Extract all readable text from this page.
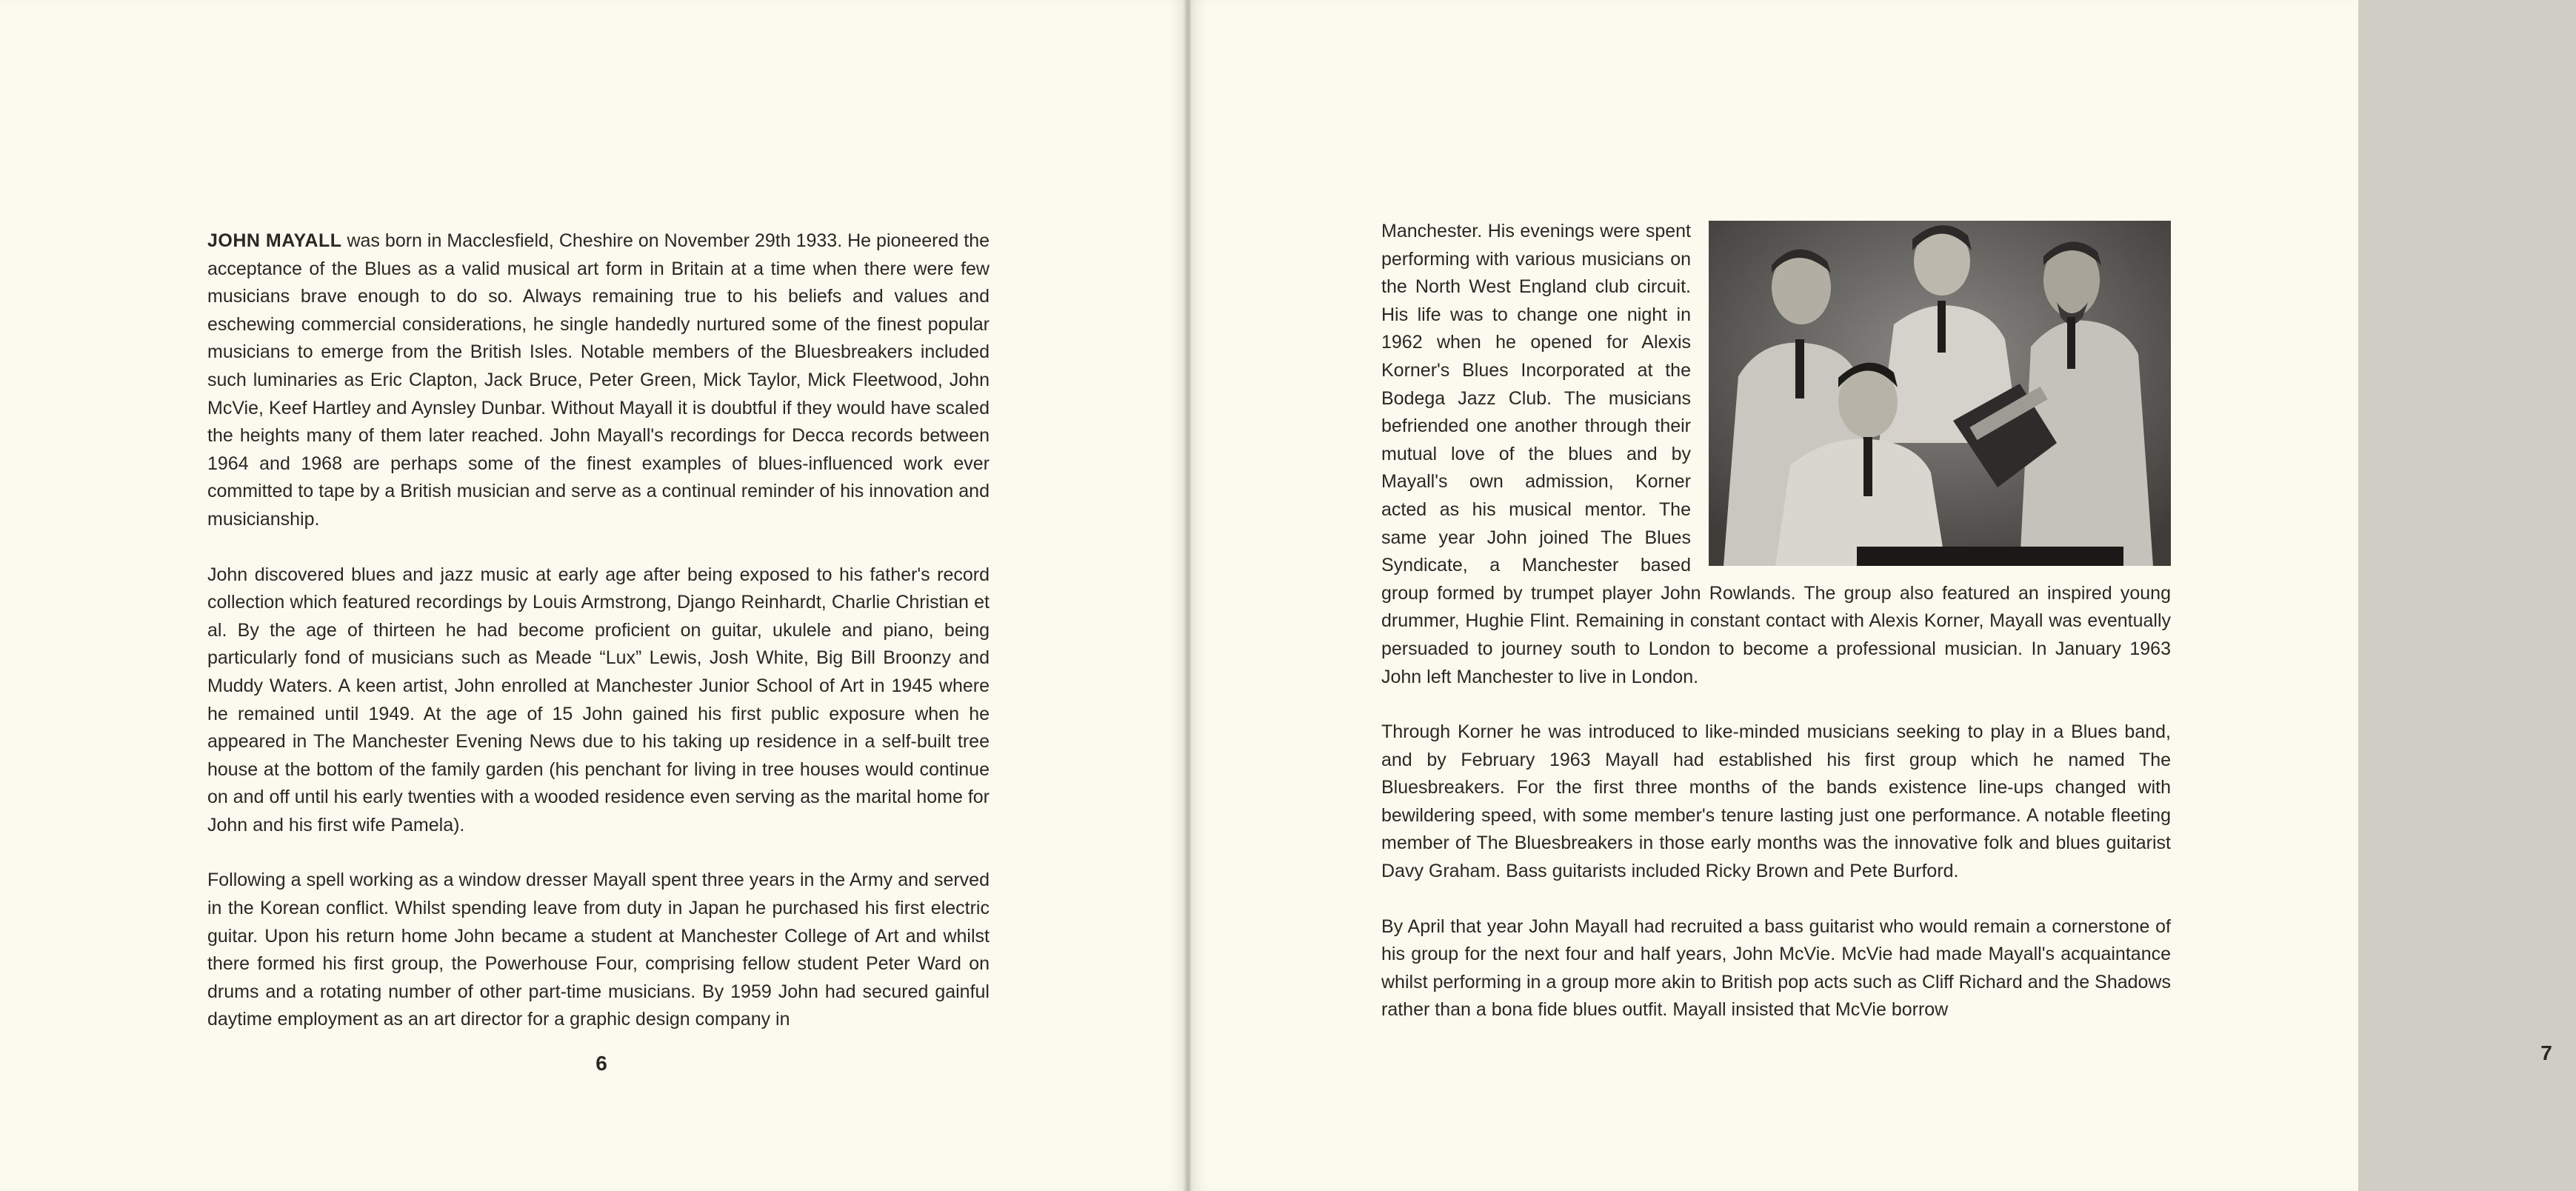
JOHN MAYALL was born in Macclesfield, Cheshire on November 29th 1933. He pioneered the acceptance of the Blues as a valid musical art form in Britain at a time when there were few musicians brave enough to do so. Always remaining true to his beliefs and values and eschewing commercial considerations, he single handedly nurtured some of the finest popular musicians to emerge from the British Isles. Notable members of the Bluesbreakers included such luminaries as Eric Clapton, Jack Bruce, Peter Green, Mick Taylor, Mick Fleetwood, John McVie, Keef Hartley and Aynsley Dunbar. Without Mayall it is doubtful if they would have scaled the heights many of them later reached. John Mayall's recordings for Decca records between 1964 and 1968 are perhaps some of the finest examples of blues-influenced work ever committed to tape by a British musician and serve as a continual reminder of his innovation and musicianship.

John discovered blues and jazz music at early age after being exposed to his father's record collection which featured recordings by Louis Armstrong, Django Reinhardt, Charlie Christian et al. By the age of thirteen he had become proficient on guitar, ukulele and piano, being particularly fond of musicians such as Meade “Lux” Lewis, Josh White, Big Bill Broonzy and Muddy Waters. A keen artist, John enrolled at Manchester Junior School of Art in 1945 where he remained until 1949. At the age of 15 John gained his first public exposure when he appeared in The Manchester Evening News due to his taking up residence in a self-built tree house at the bottom of the family garden (his penchant for living in tree houses would continue on and off until his early twenties with a wooded residence even serving as the marital home for John and his first wife Pamela).

Following a spell working as a window dresser Mayall spent three years in the Army and served in the Korean conflict. Whilst spending leave from duty in Japan he purchased his first electric guitar. Upon his return home John became a student at Manchester College of Art and whilst there formed his first group, the Powerhouse Four, comprising fellow student Peter Ward on drums and a rotating number of other part-time musicians. By 1959 John had secured gainful daytime employment as an art director for a graphic design company in

6

Manchester. His evenings were spent performing with various musicians on the North West England club circuit. His life was to change one night in 1962 when he opened for Alexis Korner's Blues Incorporated at the Bodega Jazz Club. The musicians befriended one another through their mutual love of the blues and by Mayall's own admission, Korner acted as his musical mentor. The same year John joined The Blues Syndicate, a Manchester based group formed by trumpet player John Rowlands. The group also featured an inspired young drummer, Hughie Flint. Remaining in constant contact with Alexis Korner, Mayall was eventually persuaded to journey south to London to become a professional musician. In January 1963 John left Manchester to live in London.

Through Korner he was introduced to like-minded musicians seeking to play in a Blues band, and by February 1963 Mayall had established his first group which he named The Bluesbreakers. For the first three months of the bands existence line-ups changed with bewildering speed, with some member's tenure lasting just one performance. A notable fleeting member of The Bluesbreakers in those early months was the innovative folk and blues guitarist Davy Graham. Bass guitarists included Ricky Brown and Pete Burford.

By April that year John Mayall had recruited a bass guitarist who would remain a cornerstone of his group for the next four and half years, John McVie. McVie had made Mayall's acquaintance whilst performing in a group more akin to British pop acts such as Cliff Richard and the Shadows rather than a bona fide blues outfit. Mayall insisted that McVie borrow

7
